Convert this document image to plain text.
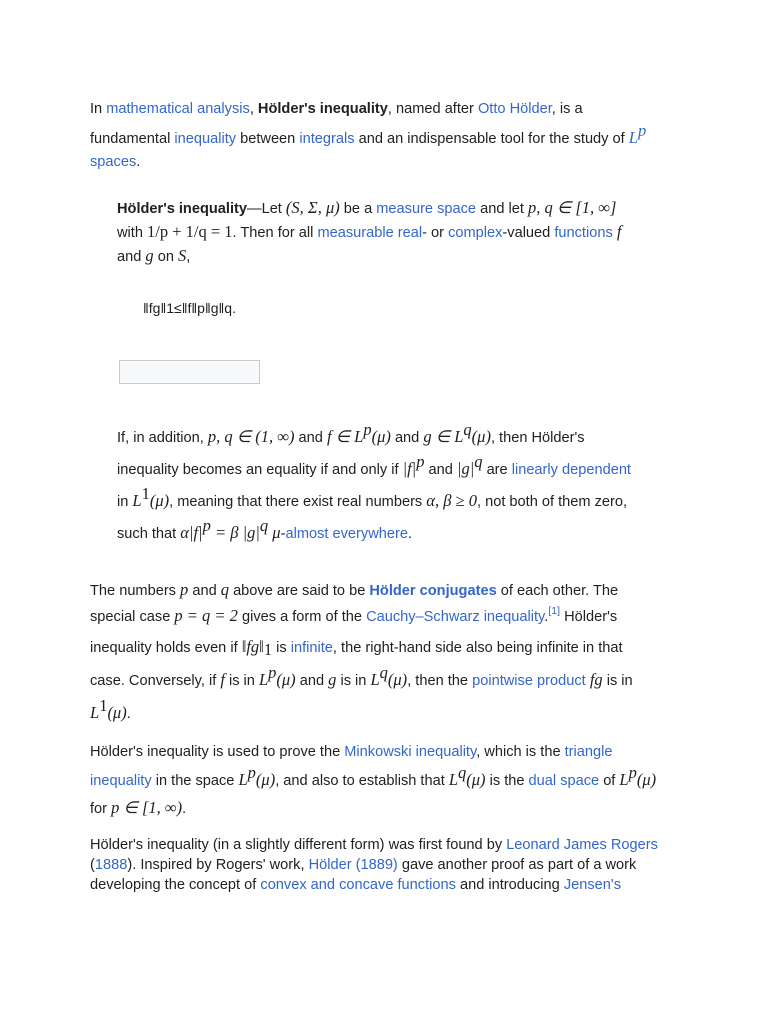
In mathematical analysis, Hölder's inequality, named after Otto Hölder, is a
fundamental inequality between integrals and an indispensable tool for the study of $L^p$
spaces.
Hölder's inequality—Let (S, Σ, μ) be a measure space and let p, q ∈ [1, ∞]
with 1/p + 1/q = 1. Then for all measurable real- or complex-valued functions f
and g on S,
‖fg‖1≤‖f‖p‖g‖q.
If, in addition, p, q ∈ (1, ∞) and f ∈ $L^p(\mu)$ and g ∈ $L^q(\mu)$, then Hölder's
inequality becomes an equality if and only if $|f|^p$ and $|g|^q$ are linearly dependent
in $L^1(\mu)$, meaning that there exist real numbers α, β ≥ 0, not both of them zero,
such that $\alpha|f|^p = \beta$ $|g|^q$ μ-almost everywhere.
The numbers p and q above are said to be Hölder conjugates of each other. The
special case p = q = 2 gives a form of the Cauchy–Schwarz inequality.[1] Hölder's
inequality holds even if $‖fg‖_1$ is infinite, the right-hand side also being infinite in that
case. Conversely, if f is in $L^p(\mu)$ and g is in $L^q(\mu)$, then the pointwise product fg is in
$L^1(\mu)$.
Hölder's inequality is used to prove the Minkowski inequality, which is the triangle
inequality in the space $L^p(\mu)$, and also to establish that $L^q(\mu)$ is the dual space of $L^p(\mu)$
for p ∈ [1, ∞).
Hölder's inequality (in a slightly different form) was first found by Leonard James Rogers
(1888). Inspired by Rogers' work, Hölder (1889) gave another proof as part of a work
developing the concept of convex and concave functions and introducing Jensen's
